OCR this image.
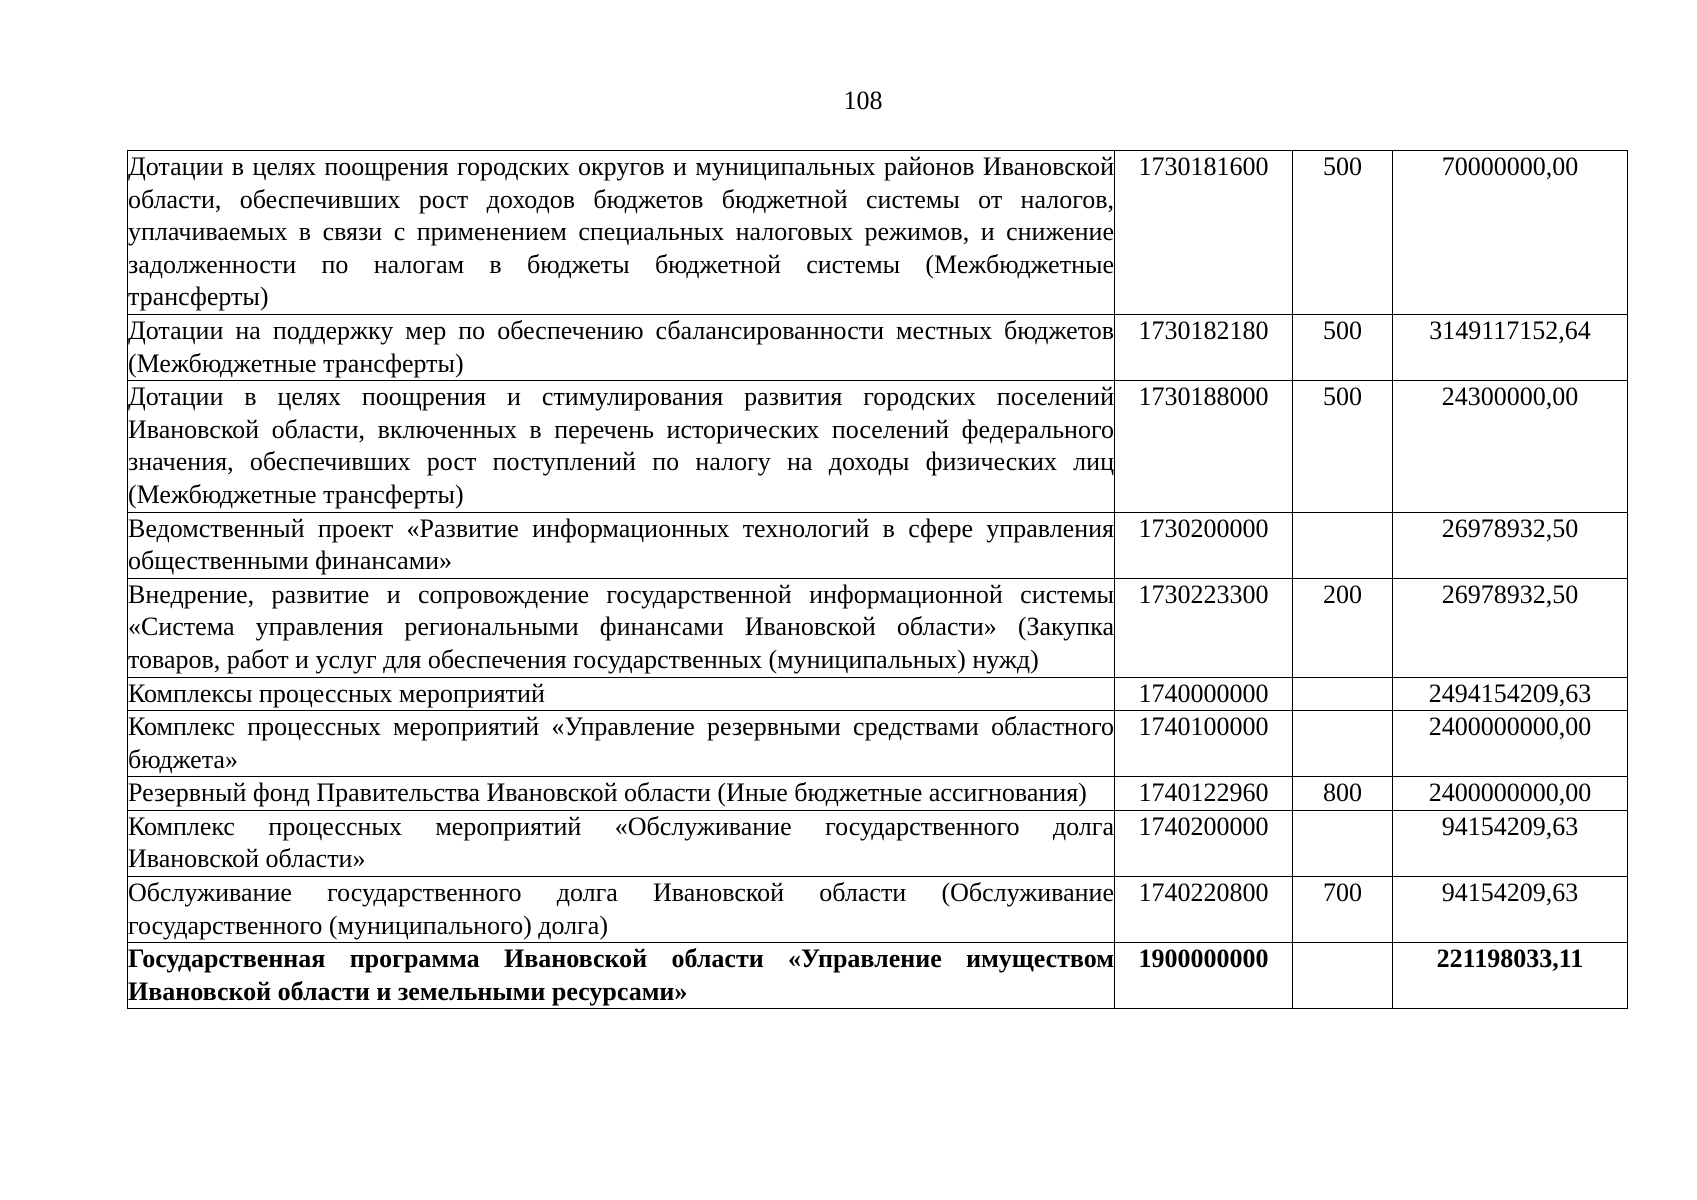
108
Дотации в целях поощрения городских округов и муниципальных районов Ивановской области, обеспечивших рост доходов бюджетов бюджетной системы от налогов, уплачиваемых в связи с применением специальных налоговых режимов, и снижение задолженности по налогам в бюджеты бюджетной системы (Межбюджетные трансферты)	1730181600	500	70000000,00
Дотации на поддержку мер по обеспечению сбалансированности местных бюджетов (Межбюджетные трансферты)	1730182180	500	3149117152,64
Дотации в целях поощрения и стимулирования развития городских поселений Ивановской области, включенных в перечень исторических поселений федерального значения, обеспечивших рост поступлений по налогу на доходы физических лиц (Межбюджетные трансферты)	1730188000	500	24300000,00
Ведомственный проект «Развитие информационных технологий в сфере управления общественными финансами»	1730200000		26978932,50
Внедрение, развитие и сопровождение государственной информационной системы «Система управления региональными финансами Ивановской области» (Закупка товаров, работ и услуг для обеспечения государственных (муниципальных) нужд)	1730223300	200	26978932,50
Комплексы процессных мероприятий	1740000000		2494154209,63
Комплекс процессных мероприятий «Управление резервными средствами областного бюджета»	1740100000		2400000000,00
Резервный фонд Правительства Ивановской области (Иные бюджетные ассигнования)	1740122960	800	2400000000,00
Комплекс процессных мероприятий «Обслуживание государственного долга Ивановской области»	1740200000		94154209,63
Обслуживание государственного долга Ивановской области (Обслуживание государственного (муниципального) долга)	1740220800	700	94154209,63
Государственная программа Ивановской области «Управление имуществом Ивановской области и земельными ресурсами»	1900000000		221198033,11
